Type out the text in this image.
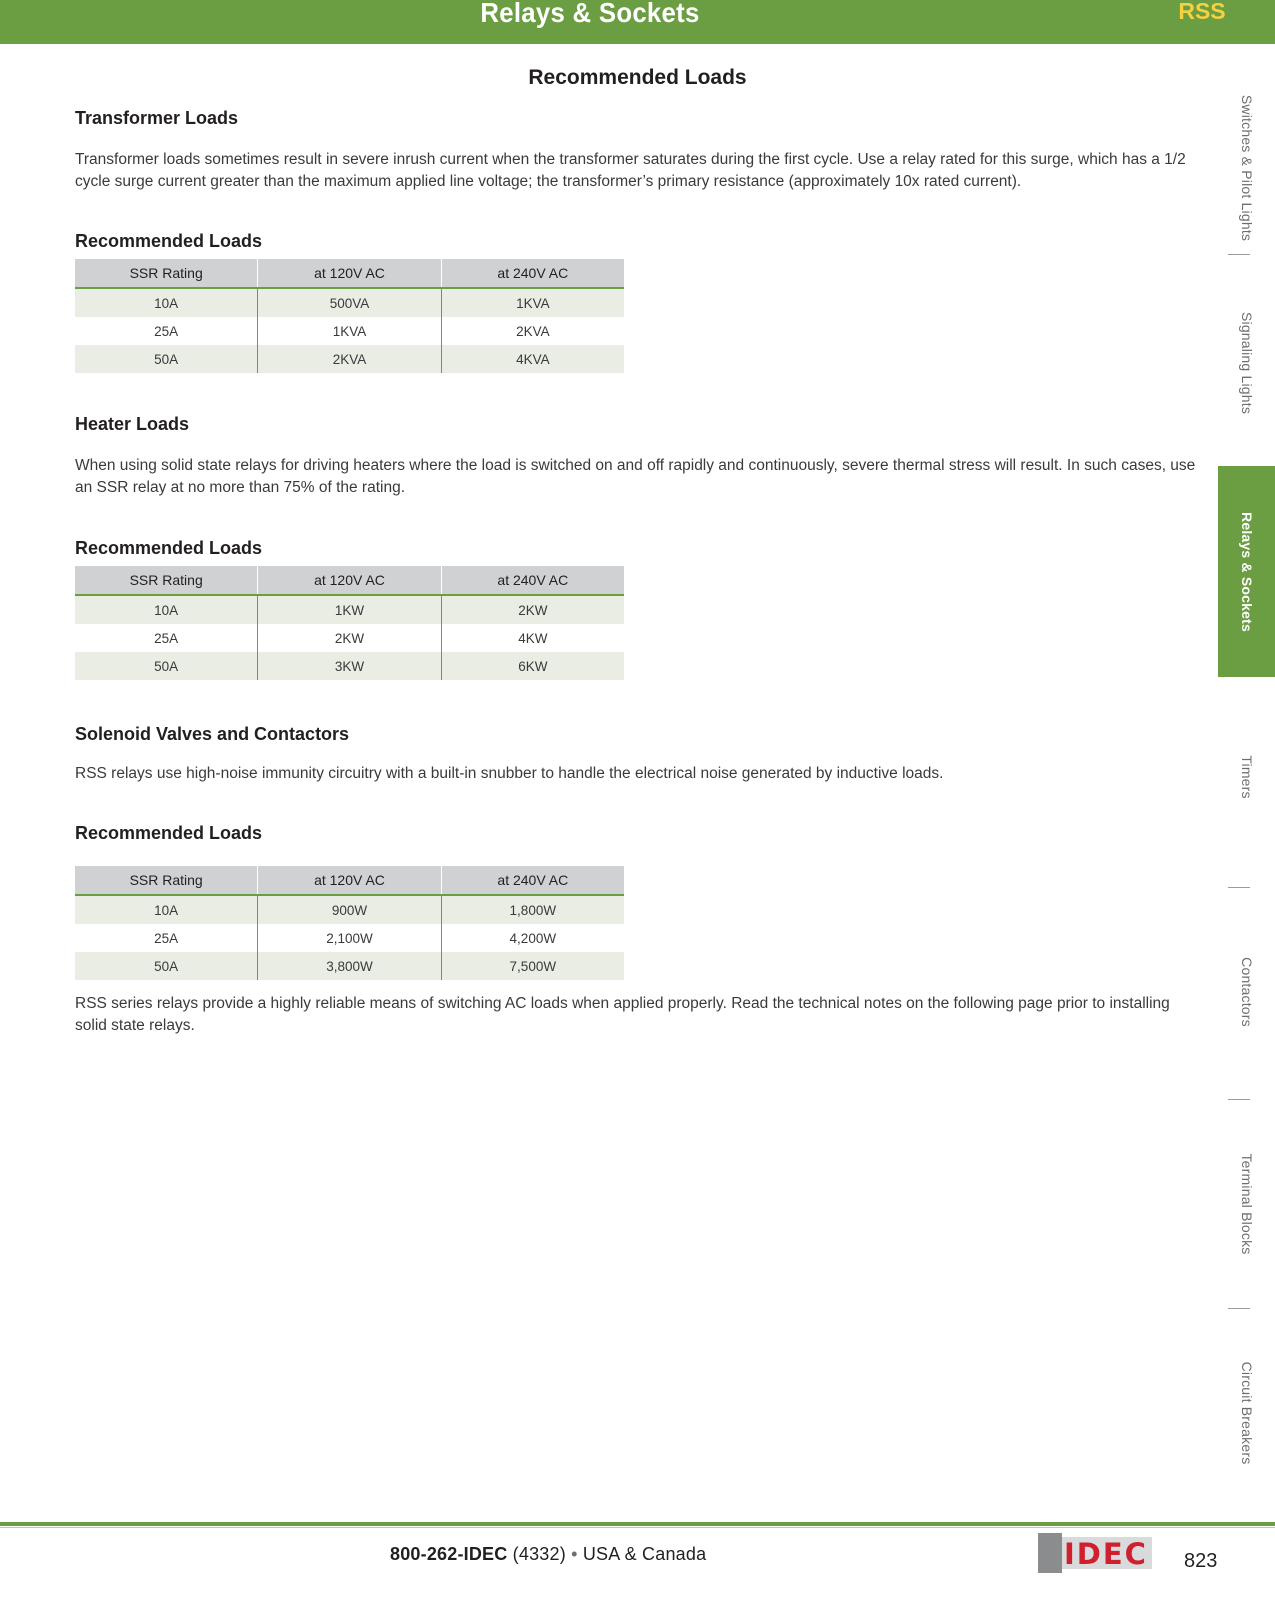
Relays & Sockets	RSS
Switches & Pilot Lights
Signaling Lights
Relays & Sockets
Timers
Contactors
Terminal Blocks
Circuit Breakers
Recommended Loads
Transformer Loads
Transformer loads sometimes result in severe inrush current when the transformer saturates during the first cycle. Use a relay rated for this surge, which has a 1/2 cycle surge current greater than the maximum applied line voltage; the transformer’s primary resistance (approximately 10x rated current).
Recommended Loads
SSR Rating	at 120V AC	at 240V AC
10A	500VA	1KVA
25A	1KVA	2KVA
50A	2KVA	4KVA
Heater Loads
When using solid state relays for driving heaters where the load is switched on and off rapidly and continuously, severe thermal stress will result. In such cases, use an SSR relay at no more than 75% of the rating.
Recommended Loads
SSR Rating	at 120V AC	at 240V AC
10A	1KW	2KW
25A	2KW	4KW
50A	3KW	6KW
Solenoid Valves and Contactors
RSS relays use high-noise immunity circuitry with a built-in snubber to handle the electrical noise generated by inductive loads.
Recommended Loads
SSR Rating	at 120V AC	at 240V AC
10A	900W	1,800W
25A	2,100W	4,200W
50A	3,800W	7,500W
RSS series relays provide a highly reliable means of switching AC loads when applied properly. Read the technical notes on the following page prior to installing solid state relays.
800-262-IDEC (4332) • USA & Canada	IDEC 823
